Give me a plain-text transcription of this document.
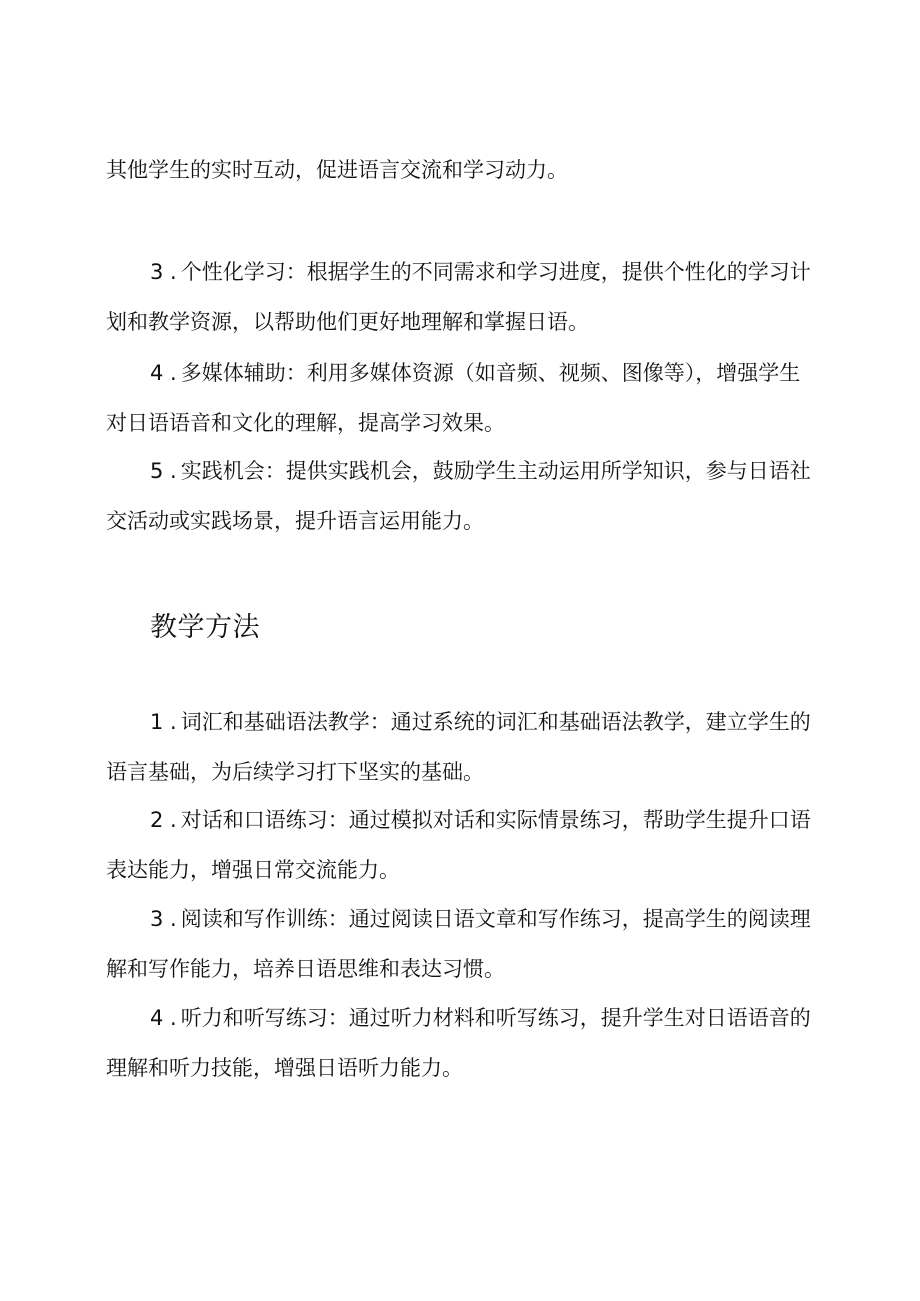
其他学生的实时互动，促进语言交流和学习动力。

3 . 个性化学习：根据学生的不同需求和学习进度，提供个性化的学习计划和教学资源，以帮助他们更好地理解和掌握日语。

4 . 多媒体辅助：利用多媒体资源（如音频、视频、图像等），增强学生对日语语音和文化的理解，提高学习效果。

5 . 实践机会：提供实践机会，鼓励学生主动运用所学知识，参与日语社交活动或实践场景，提升语言运用能力。

教学方法

1 . 词汇和基础语法教学：通过系统的词汇和基础语法教学，建立学生的语言基础，为后续学习打下坚实的基础。

2 . 对话和口语练习：通过模拟对话和实际情景练习，帮助学生提升口语表达能力，增强日常交流能力。

3 . 阅读和写作训练：通过阅读日语文章和写作练习，提高学生的阅读理解和写作能力，培养日语思维和表达习惯。

4 . 听力和听写练习：通过听力材料和听写练习，提升学生对日语语音的理解和听力技能，增强日语听力能力。
